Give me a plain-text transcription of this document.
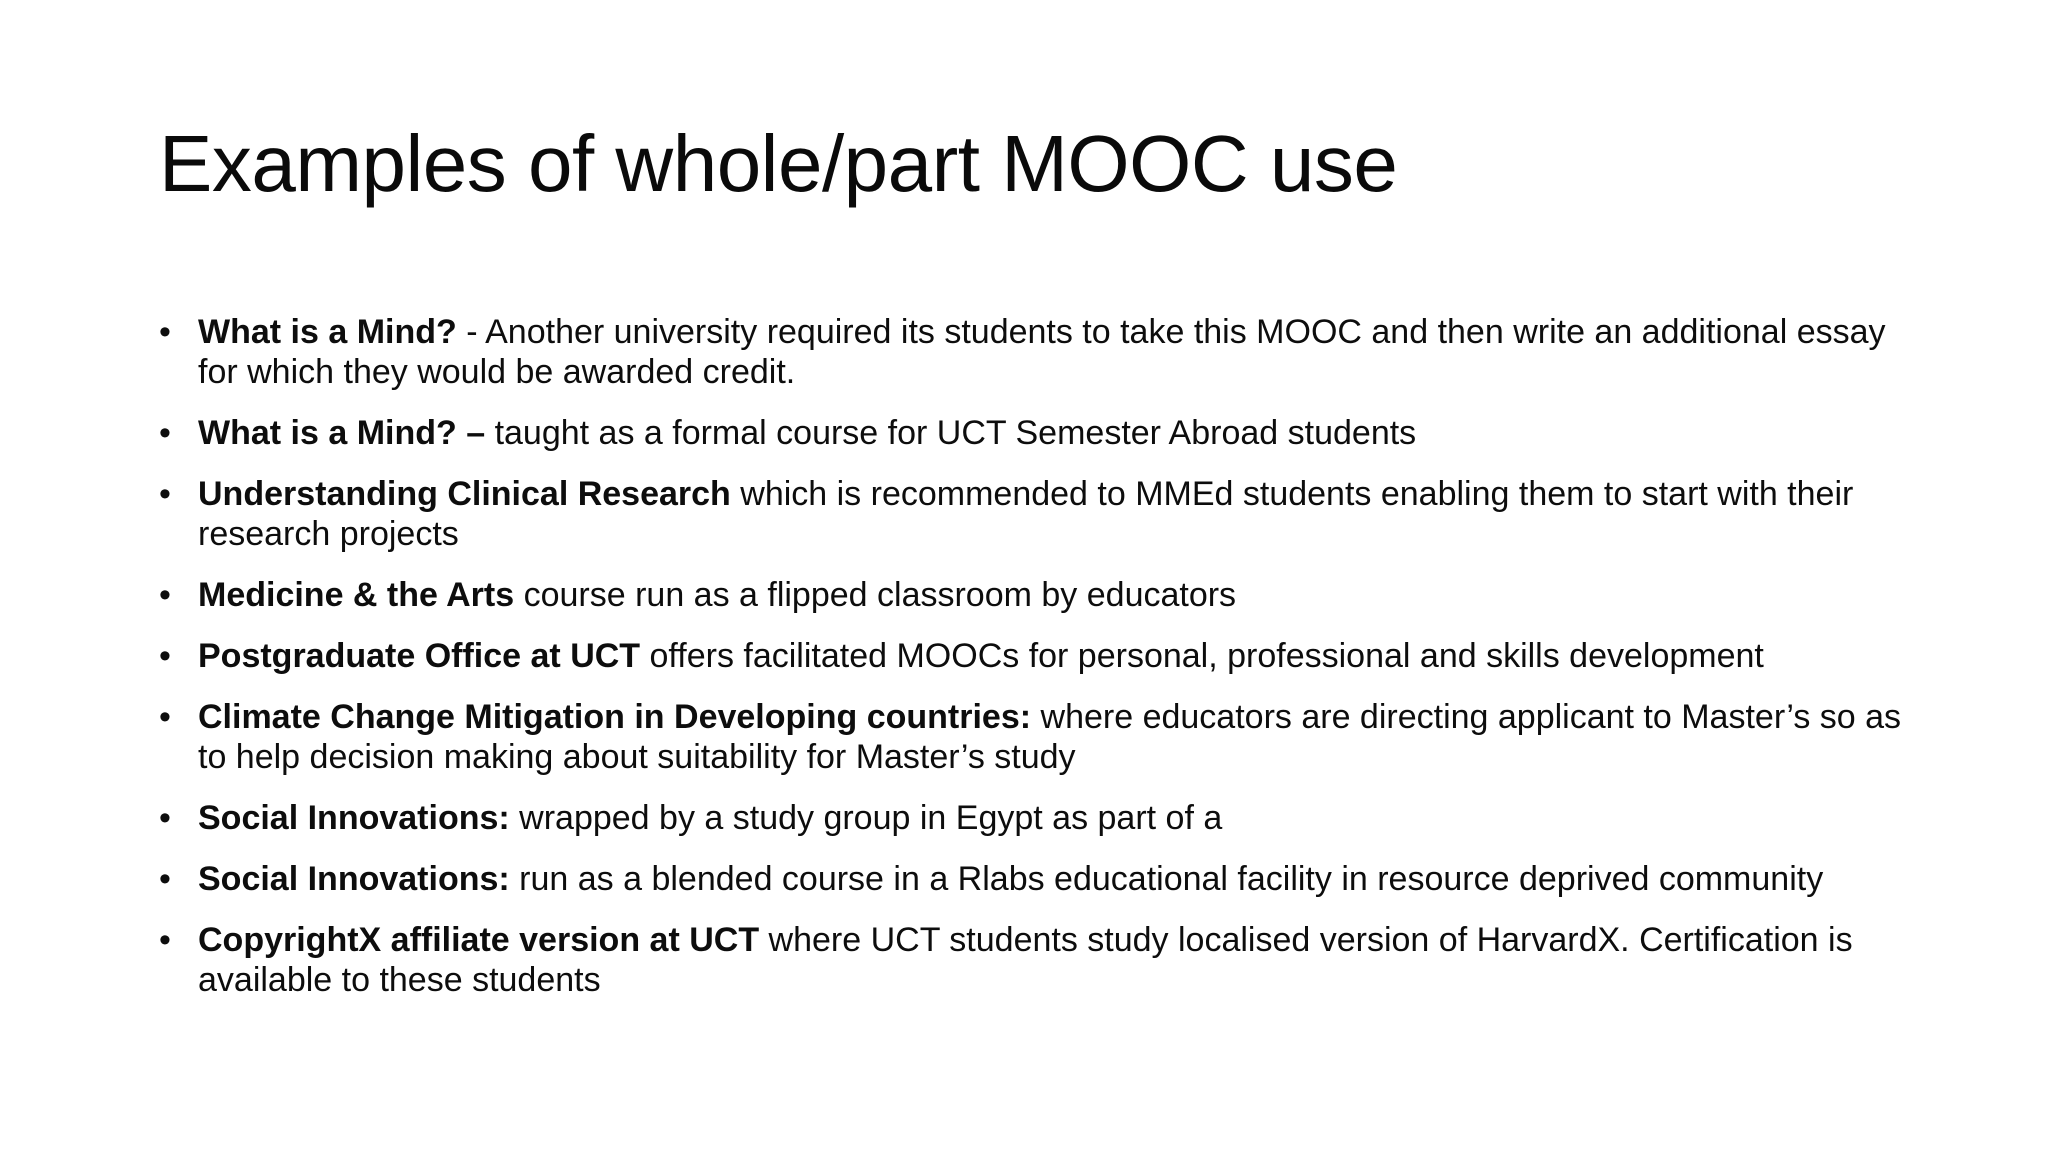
Examples of whole/part MOOC use
• What is a Mind? - Another university required its students to take this MOOC and then write an additional essay for which they would be awarded credit.
• What is a Mind? – taught as a formal course for UCT Semester Abroad students
• Understanding Clinical Research which is recommended to MMEd students enabling them to start with their research projects
• Medicine & the Arts course run as a flipped classroom by educators
• Postgraduate Office at UCT offers facilitated MOOCs for personal, professional and skills development
• Climate Change Mitigation in Developing countries: where educators are directing applicant to Master’s so as to help decision making about suitability for Master’s study
• Social Innovations: wrapped by a study group in Egypt as part of a
• Social Innovations: run as a blended course in a Rlabs educational facility in resource deprived community
• CopyrightX affiliate version at UCT where UCT students study localised version of HarvardX. Certification is available to these students
